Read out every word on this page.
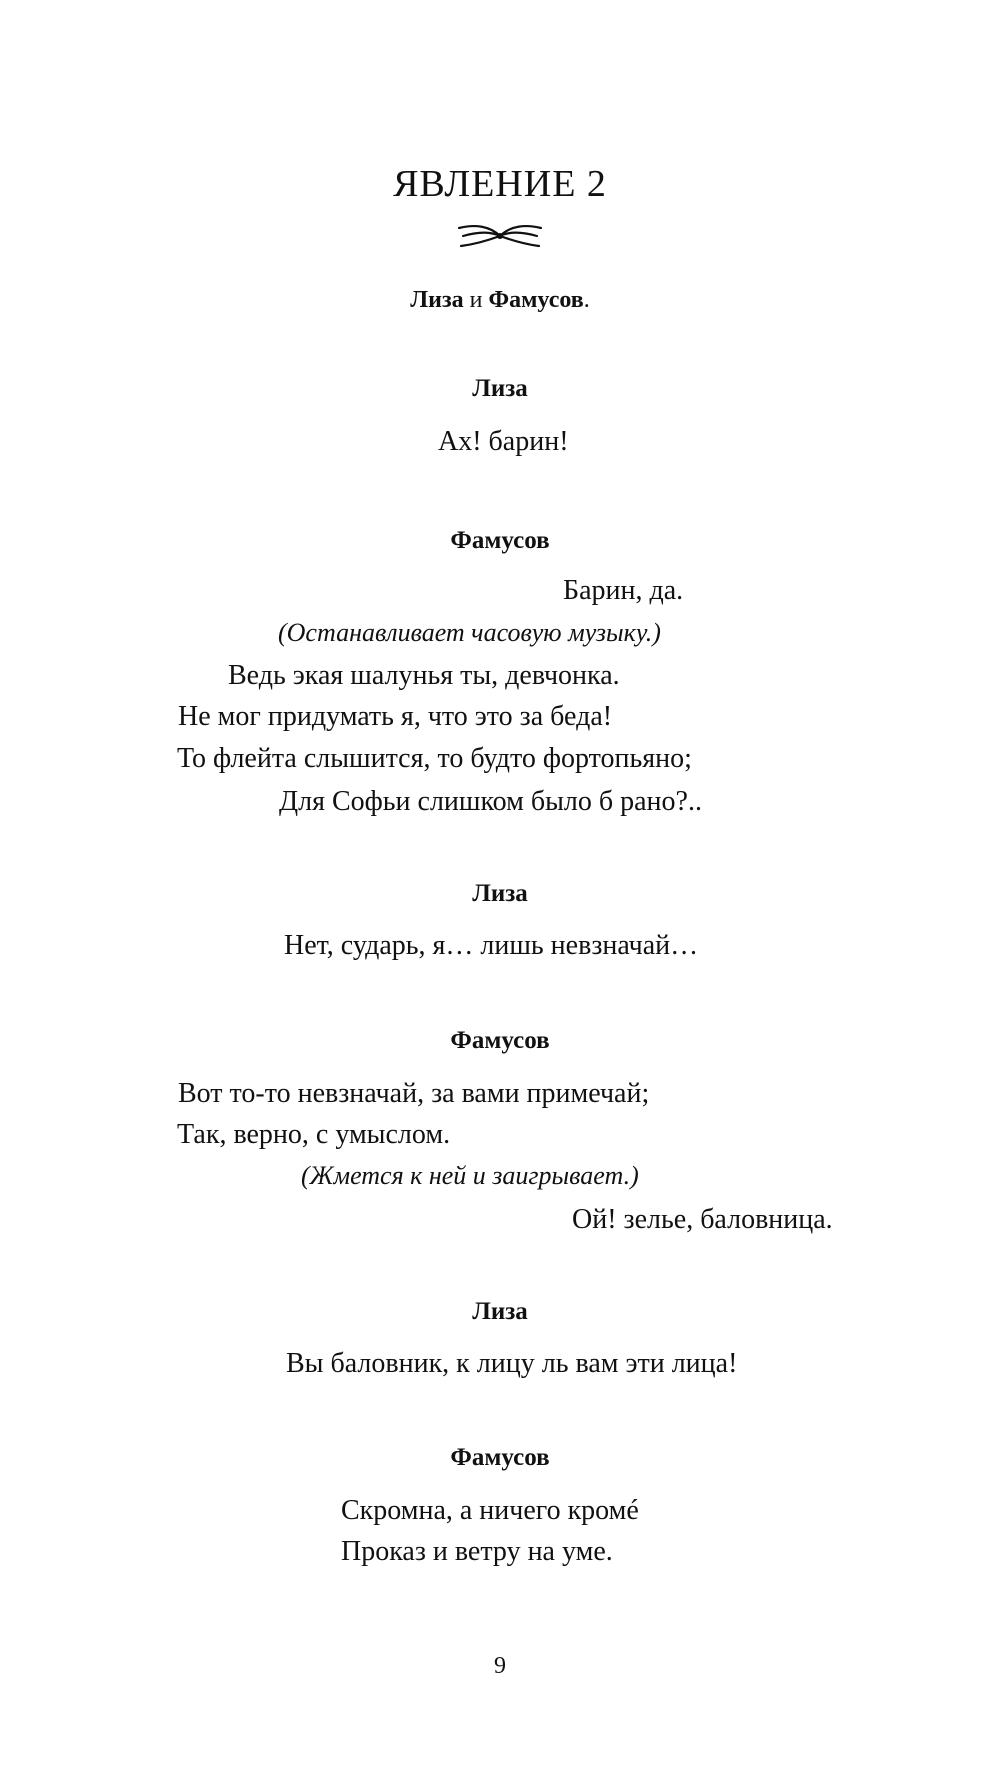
ЯВЛЕНИЕ 2
Лиза и Фамусов.
Лиза
Ах! барин!
Фамусов
Барин, да.
(Останавливает часовую музыку.)
Ведь экая шалунья ты, девчонка.
Не мог придумать я, что это за беда!
То флейта слышится, то будто фортопьяно;
Для Софьи слишком было б рано?..
Лиза
Нет, сударь, я… лишь невзначай…
Фамусов
Вот то-то невзначай, за вами примечай;
Так, верно, с умыслом.
(Жмется к ней и заигрывает.)
Ой! зелье, баловница.
Лиза
Вы баловник, к лицу ль вам эти лица!
Фамусов
Скромна, а ничего кромé
Проказ и ветру на уме.
9
